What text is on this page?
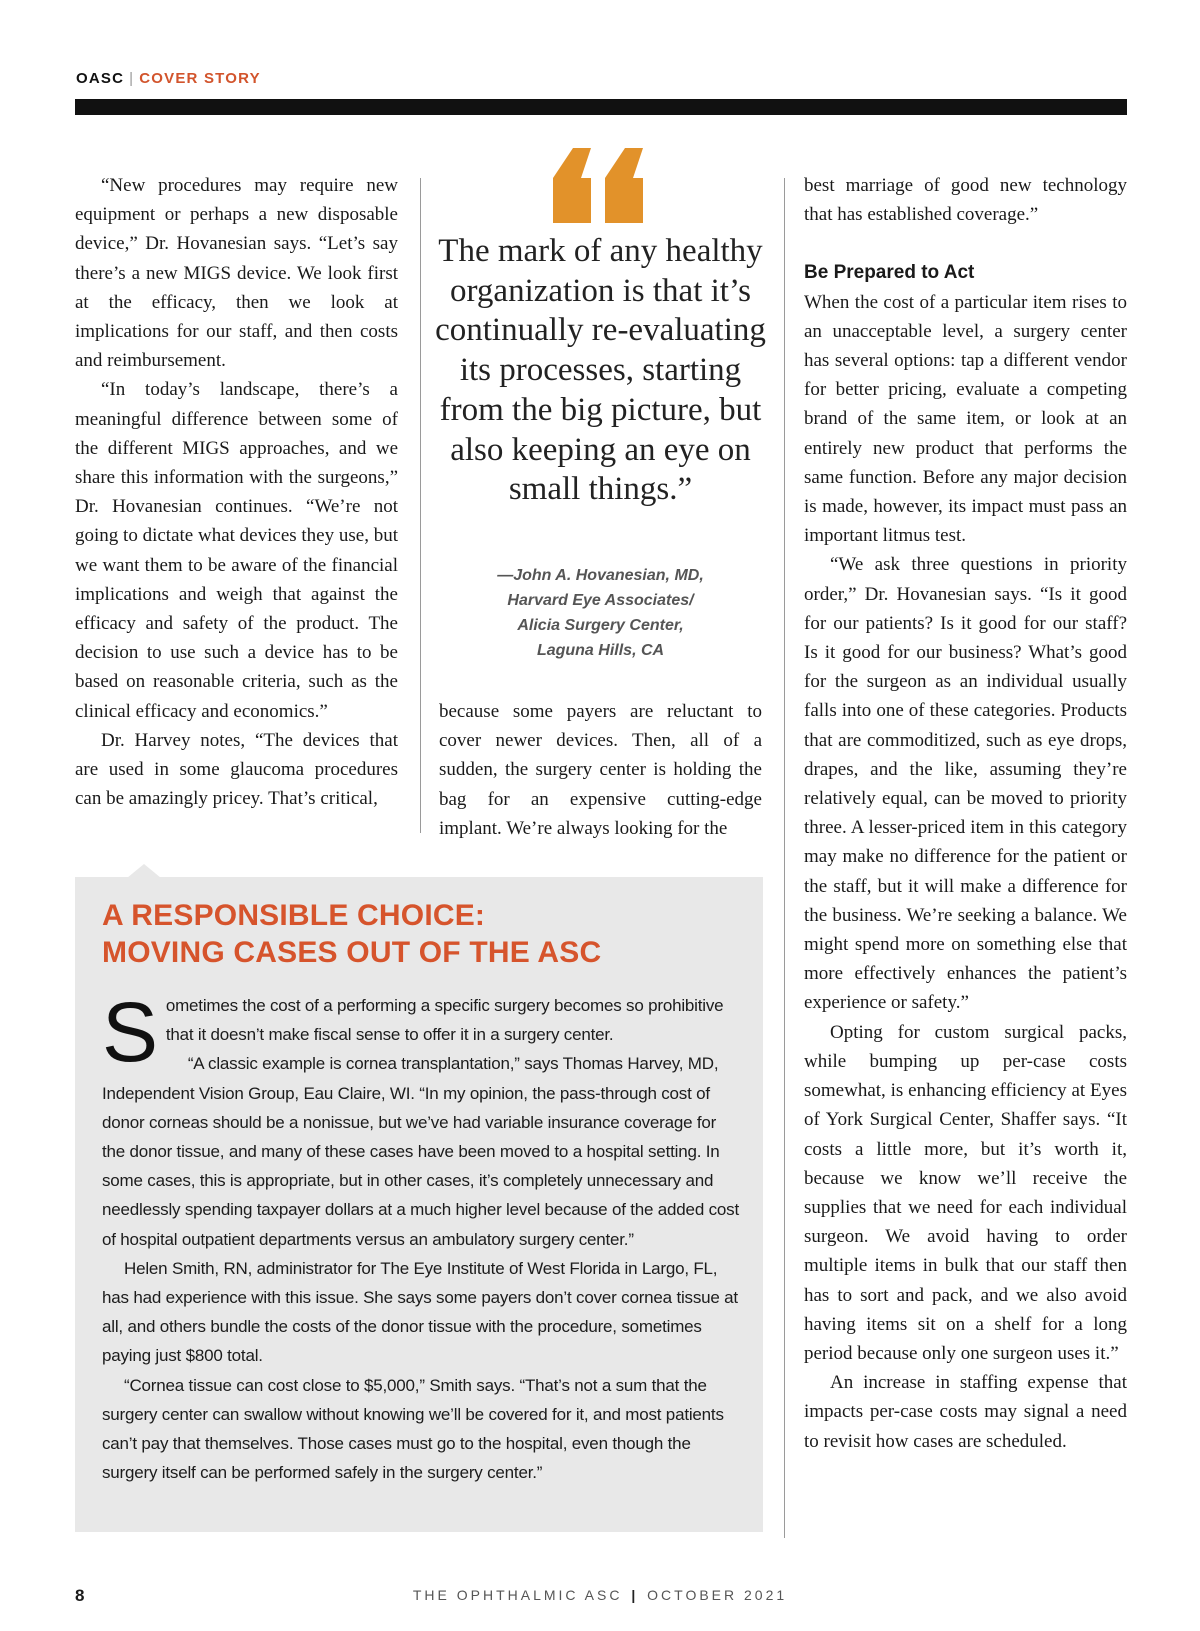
OASC | COVER STORY

“New procedures may require new equipment or perhaps a new disposable device,” Dr. Hovanesian says. “Let’s say there’s a new MIGS device. We look first at the efficacy, then we look at implications for our staff, and then costs and reimbursement.

“In today’s landscape, there’s a meaningful difference between some of the different MIGS approaches, and we share this information with the surgeons,” Dr. Hovanesian continues. “We’re not going to dictate what devices they use, but we want them to be aware of the financial implications and weigh that against the efficacy and safety of the product. The decision to use such a device has to be based on reasonable criteria, such as the clinical efficacy and economics.”

Dr. Harvey notes, “The devices that are used in some glaucoma procedures can be amazingly pricey. That’s critical,

The mark of any healthy organization is that it’s continually re-evaluating its processes, starting from the big picture, but also keeping an eye on small things.”
—John A. Hovanesian, MD,
Harvard Eye Associates/
Alicia Surgery Center,
Laguna Hills, CA

because some payers are reluctant to cover newer devices. Then, all of a sudden, the surgery center is holding the bag for an expensive cutting-edge implant. We’re always looking for the

best marriage of good new technology that has established coverage.”

Be Prepared to Act

When the cost of a particular item rises to an unacceptable level, a surgery center has several options: tap a different vendor for better pricing, evaluate a competing brand of the same item, or look at an entirely new product that performs the same function. Before any major decision is made, however, its impact must pass an important litmus test.

“We ask three questions in priority order,” Dr. Hovanesian says. “Is it good for our patients? Is it good for our staff? Is it good for our business? What’s good for the surgeon as an individual usually falls into one of these categories. Products that are commoditized, such as eye drops, drapes, and the like, assuming they’re relatively equal, can be moved to priority three. A lesser-priced item in this category may make no difference for the patient or the staff, but it will make a difference for the business. We’re seeking a balance. We might spend more on something else that more effectively enhances the patient’s experience or safety.”

Opting for custom surgical packs, while bumping up per-case costs somewhat, is enhancing efficiency at Eyes of York Surgical Center, Shaffer says. “It costs a little more, but it’s worth it, because we know we’ll receive the supplies that we need for each individual surgeon. We avoid having to order multiple items in bulk that our staff then has to sort and pack, and we also avoid having items sit on a shelf for a long period because only one surgeon uses it.”

An increase in staffing expense that impacts per-case costs may signal a need to revisit how cases are scheduled.

A RESPONSIBLE CHOICE:
MOVING CASES OUT OF THE ASC

Sometimes the cost of a performing a specific surgery becomes so prohibitive that it doesn’t make fiscal sense to offer it in a surgery center.

“A classic example is cornea transplantation,” says Thomas Harvey, MD, Independent Vision Group, Eau Claire, WI. “In my opinion, the pass-through cost of donor corneas should be a nonissue, but we’ve had variable insurance coverage for the donor tissue, and many of these cases have been moved to a hospital setting. In some cases, this is appropriate, but in other cases, it’s completely unnecessary and needlessly spending taxpayer dollars at a much higher level because of the added cost of hospital outpatient departments versus an ambulatory surgery center.”

Helen Smith, RN, administrator for The Eye Institute of West Florida in Largo, FL, has had experience with this issue. She says some payers don’t cover cornea tissue at all, and others bundle the costs of the donor tissue with the procedure, sometimes paying just $800 total.

“Cornea tissue can cost close to $5,000,” Smith says. “That’s not a sum that the surgery center can swallow without knowing we’ll be covered for it, and most patients can’t pay that themselves. Those cases must go to the hospital, even though the surgery itself can be performed safely in the surgery center.”

8	THE OPHTHALMIC ASC | OCTOBER 2021
